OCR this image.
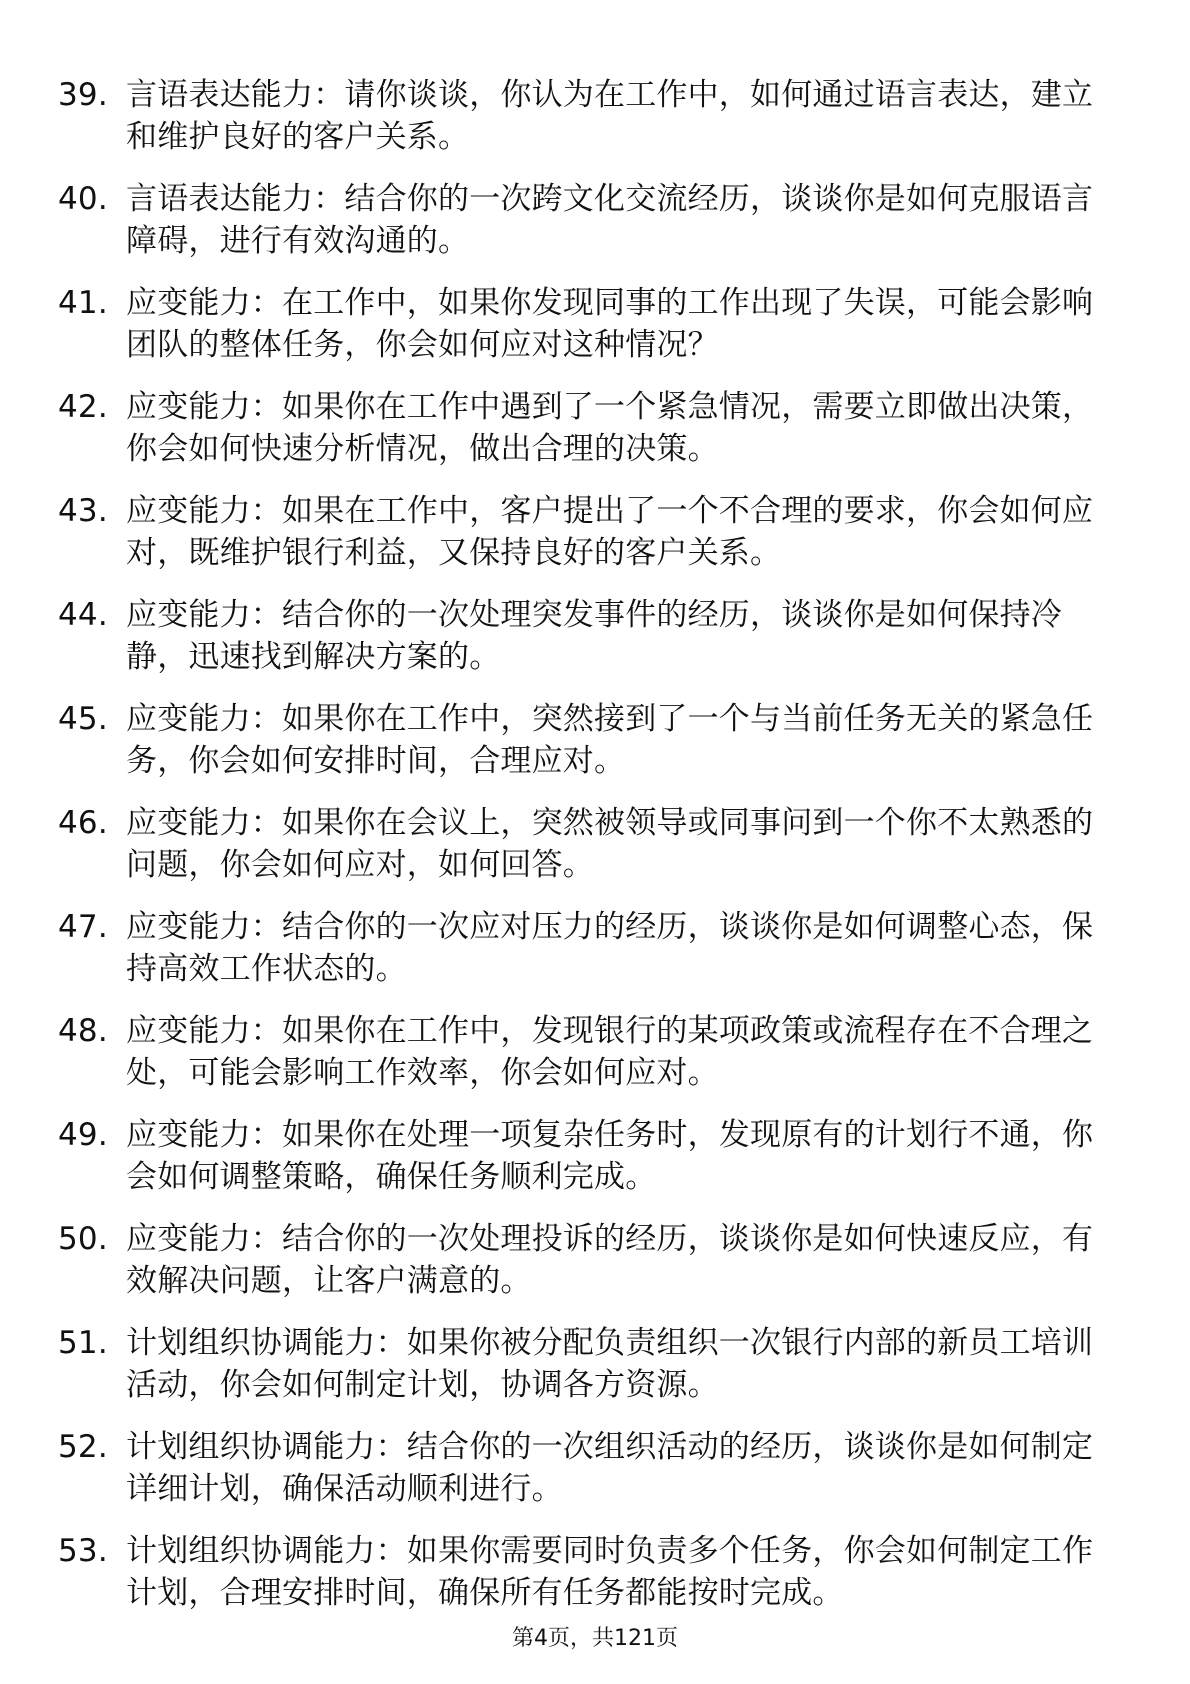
39. 言语表达能力：请你谈谈，你认为在工作中，如何通过语言表达，建立和维护良好的客户关系。
40. 言语表达能力：结合你的一次跨文化交流经历，谈谈你是如何克服语言障碍，进行有效沟通的。
41. 应变能力：在工作中，如果你发现同事的工作出现了失误，可能会影响团队的整体任务，你会如何应对这种情况？
42. 应变能力：如果你在工作中遇到了一个紧急情况，需要立即做出决策，你会如何快速分析情况，做出合理的决策。
43. 应变能力：如果在工作中，客户提出了一个不合理的要求，你会如何应对，既维护银行利益，又保持良好的客户关系。
44. 应变能力：结合你的一次处理突发事件的经历，谈谈你是如何保持冷静，迅速找到解决方案的。
45. 应变能力：如果你在工作中，突然接到了一个与当前任务无关的紧急任务，你会如何安排时间，合理应对。
46. 应变能力：如果你在会议上，突然被领导或同事问到一个你不太熟悉的问题，你会如何应对，如何回答。
47. 应变能力：结合你的一次应对压力的经历，谈谈你是如何调整心态，保持高效工作状态的。
48. 应变能力：如果你在工作中，发现银行的某项政策或流程存在不合理之处，可能会影响工作效率，你会如何应对。
49. 应变能力：如果你在处理一项复杂任务时，发现原有的计划行不通，你会如何调整策略，确保任务顺利完成。
50. 应变能力：结合你的一次处理投诉的经历，谈谈你是如何快速反应，有效解决问题，让客户满意的。
51. 计划组织协调能力：如果你被分配负责组织一次银行内部的新员工培训活动，你会如何制定计划，协调各方资源。
52. 计划组织协调能力：结合你的一次组织活动的经历，谈谈你是如何制定详细计划，确保活动顺利进行。
53. 计划组织协调能力：如果你需要同时负责多个任务，你会如何制定工作计划，合理安排时间，确保所有任务都能按时完成。
第4页，共121页
